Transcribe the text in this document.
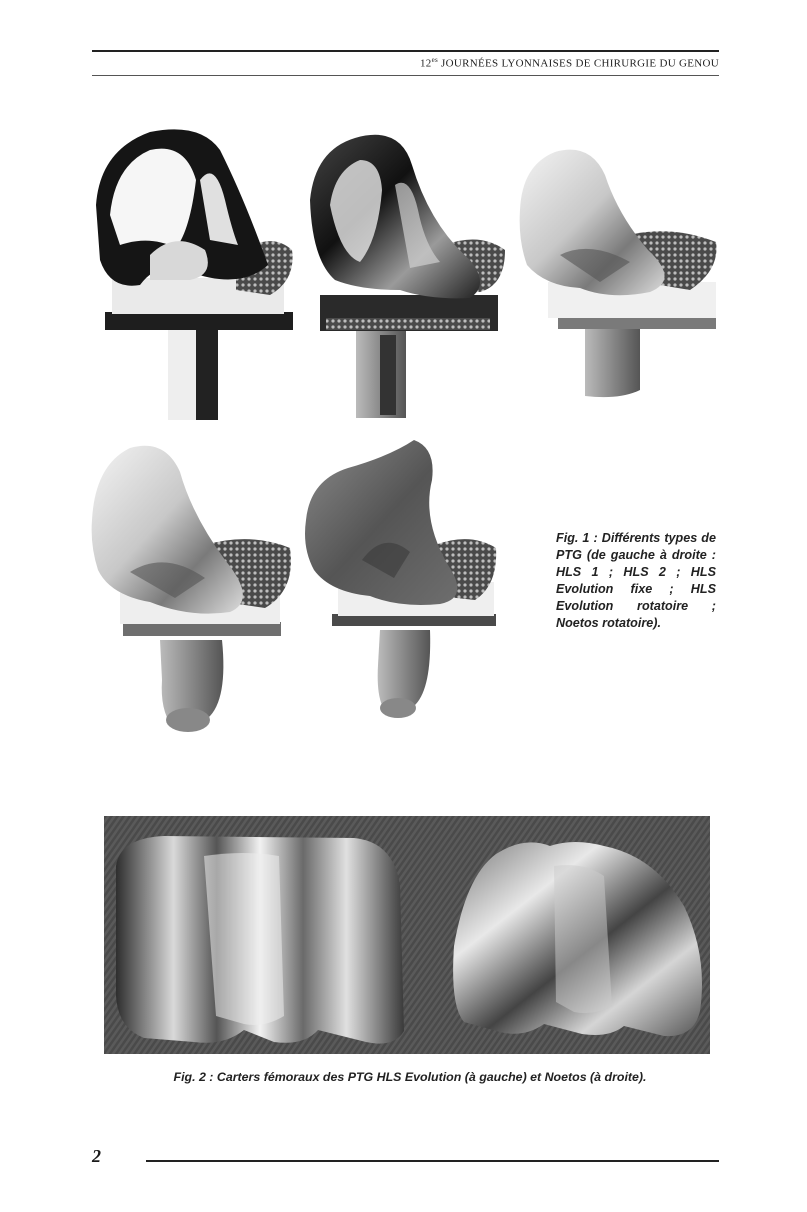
$12^{es}$ JOURNÉES LYONNAISES DE CHIRURGIE DU GENOU
Fig. 1 : Différents types de PTG (de gauche à droite : HLS 1 ; HLS 2 ; HLS Evolution fixe ; HLS Evolution rotatoire ; Noetos rotatoire).
Fig. 2 : Carters fémoraux des PTG HLS Evolution (à gauche) et Noetos (à droite).
2
